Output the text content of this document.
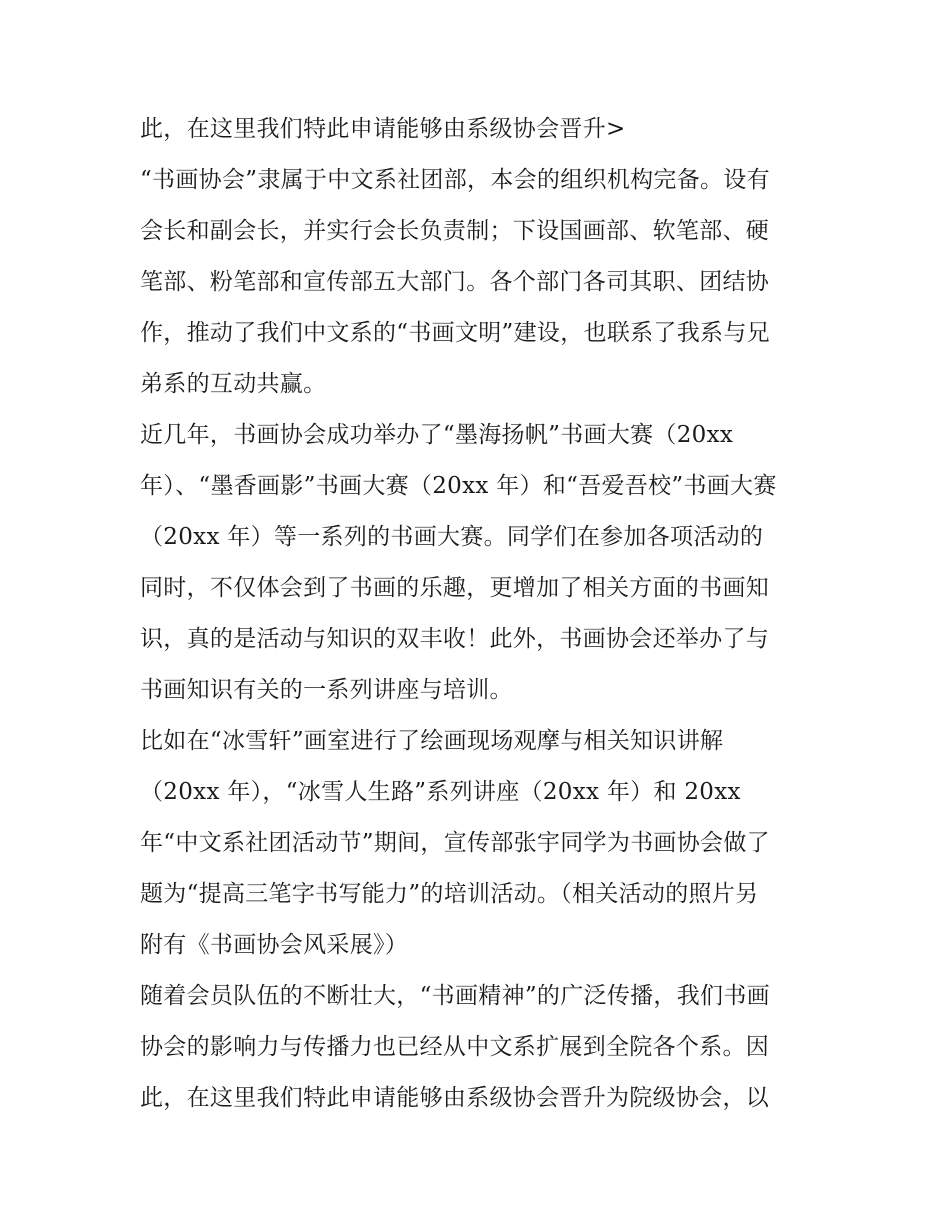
此，在这里我们特此申请能够由系级协会晋升>
“书画协会”隶属于中文系社团部，本会的组织机构完备。设有
会长和副会长，并实行会长负责制；下设国画部、软笔部、硬
笔部、粉笔部和宣传部五大部门。各个部门各司其职、团结协
作，推动了我们中文系的“书画文明”建设，也联系了我系与兄
弟系的互动共赢。
近几年，书画协会成功举办了“墨海扬帆”书画大赛（20xx
年）、“墨香画影”书画大赛（20xx 年）和“吾爱吾校”书画大赛
（20xx 年）等一系列的书画大赛。同学们在参加各项活动的
同时，不仅体会到了书画的乐趣，更增加了相关方面的书画知
识，真的是活动与知识的双丰收！此外，书画协会还举办了与
书画知识有关的一系列讲座与培训。
比如在“冰雪轩”画室进行了绘画现场观摩与相关知识讲解
（20xx 年），“冰雪人生路”系列讲座（20xx 年）和 20xx
年“中文系社团活动节”期间，宣传部张宇同学为书画协会做了
题为“提高三笔字书写能力”的培训活动。（相关活动的照片另
附有《书画协会风采展》）
随着会员队伍的不断壮大，“书画精神”的广泛传播，我们书画
协会的影响力与传播力也已经从中文系扩展到全院各个系。因
此，在这里我们特此申请能够由系级协会晋升为院级协会，以
